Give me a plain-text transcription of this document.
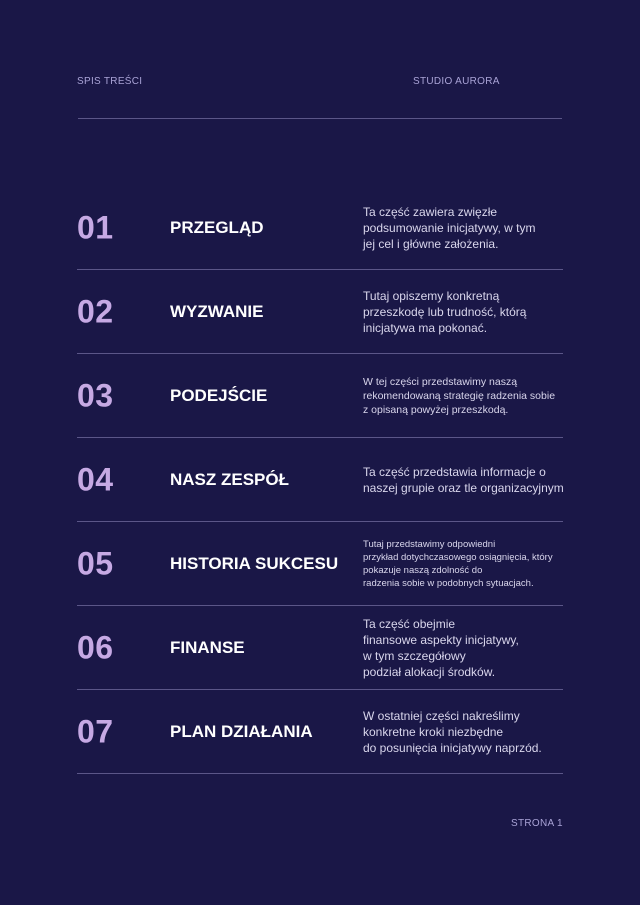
SPIS TREŚCI	STUDIO AURORA
01	PRZEGLĄD
Ta część zawiera zwięzłe
podsumowanie inicjatywy, w tym
jej cel i główne założenia.
02	WYZWANIE
Tutaj opiszemy konkretną
przeszkodę lub trudność, którą
inicjatywa ma pokonać.
03	PODEJŚCIE
W tej części przedstawimy naszą
rekomendowaną strategię radzenia sobie
z opisaną powyżej przeszkodą.
04	NASZ ZESPÓŁ	Ta część przedstawia informacje o
naszej grupie oraz tle organizacyjnym
05	HISTORIA SUKCESU
Tutaj przedstawimy odpowiedni
przykład dotychczasowego osiągnięcia, który
pokazuje naszą zdolność do
radzenia sobie w podobnych sytuacjach.
06	FINANSE
Ta część obejmie
finansowe aspekty inicjatywy,
w tym szczegółowy
podział alokacji środków.
07	PLAN DZIAŁANIA
W ostatniej części nakreślimy
konkretne kroki niezbędne
do posunięcia inicjatywy naprzód.
STRONA 1
